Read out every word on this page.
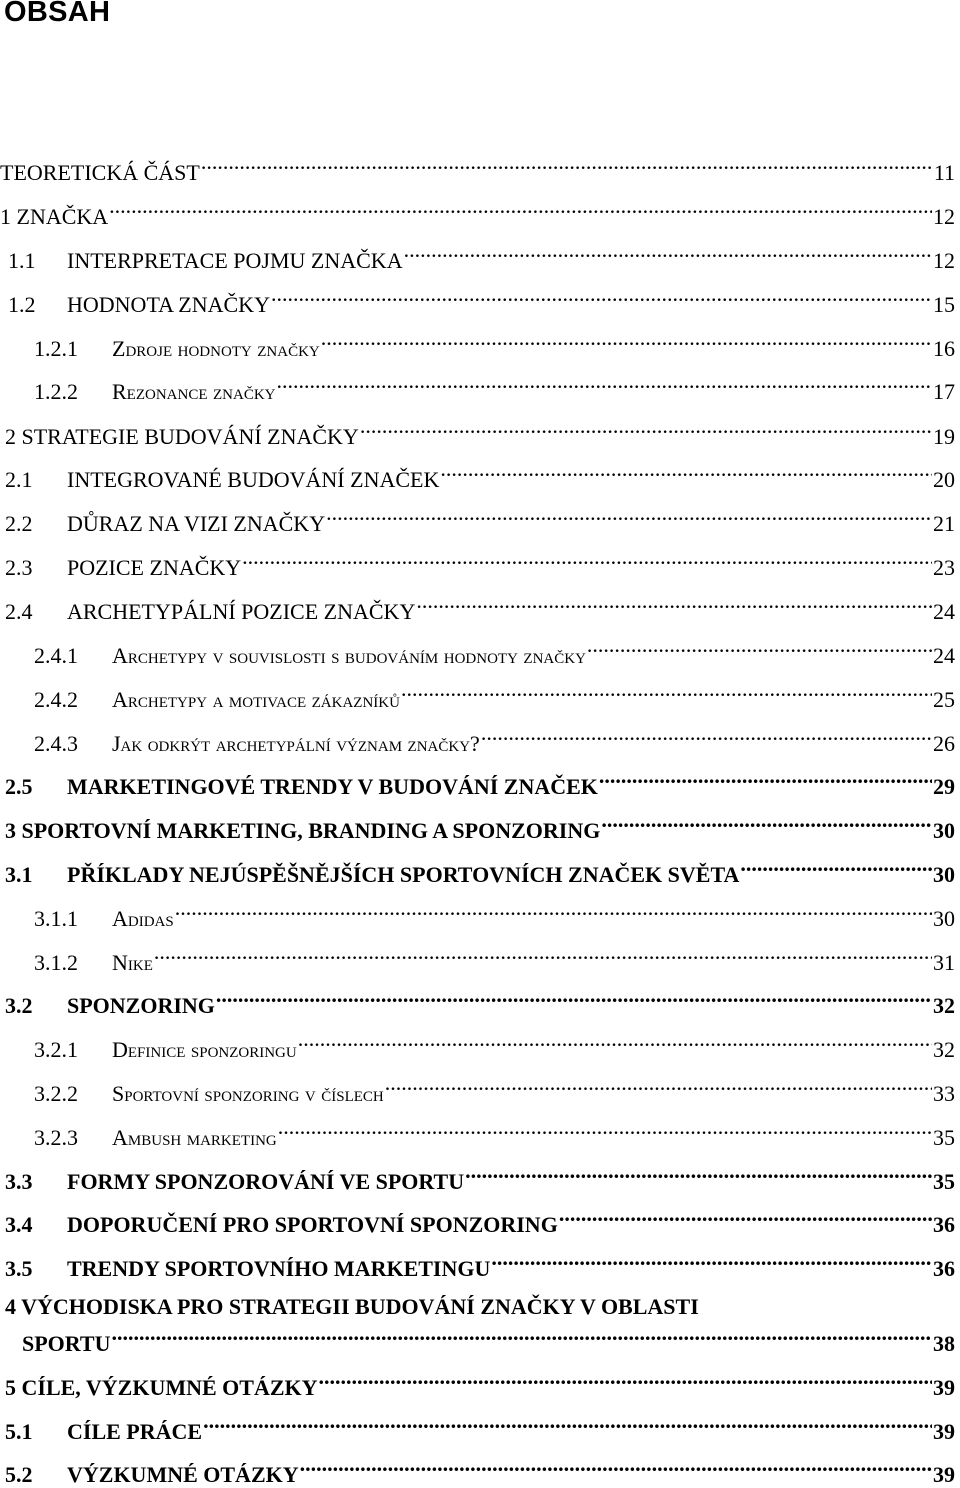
OBSAH
TEORETICKÁ ČÁST .....	11
1 ZNAČKA .....	12
1.1	INTERPRETACE POJMU ZNAČKA .....	12
1.2	HODNOTA ZNAČKY .....	15
1.2.1	Zdroje hodnoty značky .....	16
1.2.2	Rezonance značky .....	17
2 STRATEGIE BUDOVÁNÍ ZNAČKY .....	19
2.1	INTEGROVANÉ BUDOVÁNÍ ZNAČEK .....	20
2.2	DŮRAZ NA VIZI ZNAČKY .....	21
2.3	POZICE ZNAČKY .....	23
2.4	ARCHETYPÁLNÍ POZICE ZNAČKY .....	24
2.4.1	Archetypy v souvislosti s budováním hodnoty značky .....	24
2.4.2	Archetypy a motivace zákazníků .....	25
2.4.3	Jak odkrýt archetypální význam značky? .....	26
2.5	MARKETINGOVÉ TRENDY V BUDOVÁNÍ ZNAČEK .....	29
3 SPORTOVNÍ MARKETING, BRANDING A SPONZORING .....	30
3.1	PŘÍKLADY NEJÚSPĚŠNĚJŠÍCH SPORTOVNÍCH ZNAČEK SVĚTA .....	30
3.1.1	Adidas .....	30
3.1.2	Nike .....	31
3.2	SPONZORING .....	32
3.2.1	Definice sponzoringu .....	32
3.2.2	Sportovní sponzoring v číslech .....	33
3.2.3	Ambush marketing .....	35
3.3	FORMY SPONZOROVÁNÍ VE SPORTU .....	35
3.4	DOPORUČENÍ PRO SPORTOVNÍ SPONZORING .....	36
3.5	TRENDY SPORTOVNÍHO MARKETINGU .....	36
4 VÝCHODISKA PRO STRATEGII BUDOVÁNÍ ZNAČKY V OBLASTI
SPORTU .....	38
5 CÍLE, VÝZKUMNÉ OTÁZKY .....	39
5.1	CÍLE PRÁCE .....	39
5.2	VÝZKUMNÉ OTÁZKY .....	39
